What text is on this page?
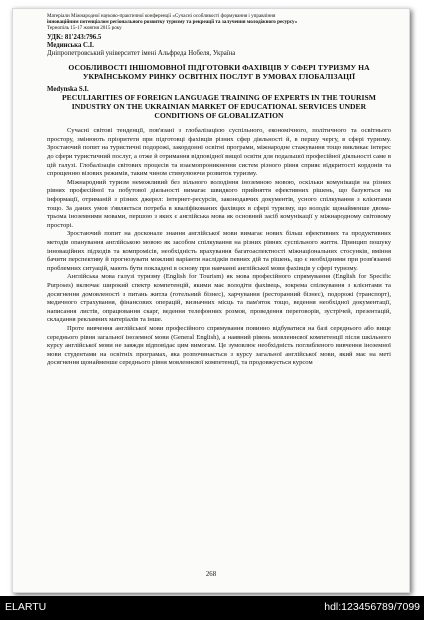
Матеріали Міжнародної науково-практичної конференції «Сучасні особливості формування і управління
інноваційним потенціалом регіонального розвитку туризму та рекреації та залучення молодіжного ресурсу»
Тернопіль 15-17 жовтня 2015 року
УДК: 81'243:796.5
Мединська С.І.
Дніпропетровський університет імені Альфреда Нобеля, Україна
ОСОБЛИВОСТІ ІНШОМОВНОЇ ПІДГОТОВКИ ФАХІВЦІВ У СФЕРІ ТУРИЗМУ НА УКРАЇНСЬКОМУ РИНКУ ОСВІТНІХ ПОСЛУГ В УМОВАХ ГЛОБАЛІЗАЦІЇ
Medynska S.I.
PECULIARITIES OF FOREIGN LANGUAGE TRAINING OF EXPERTS IN THE TOURISM INDUSTRY ON THE UKRAINIAN MARKET OF EDUCATIONAL SERVICES UNDER CONDITIONS OF GLOBALIZATION

Сучасні світові тенденції, пов'язані з глобалізацією суспільного, економічного, політичного та освітнього простору, змінюють пріоритети при підготовці фахівців різних сфер діяльності й, в першу чергу, в сфері туризму. Зростаючий попит на туристичні подорожі, закордонні освітні програми, міжнародне стажування тощо викликає інтерес до сфери туристичний послуг, а отже й отримання відповідної вищої освіти для подальшої професійної діяльності саме в цій галузі. Глобалізація світових процесів та взаємопроникнення систем різного рівня сприяє відкритості кордонів та спрощенню візових режимів, таким чином стимулюючи розвиток туризму.

Міжнародний туризм неможливий без вільного володіння іноземною мовою, оскільки комунікація на різних рівнях професійної та побутової діяльності вимагає швидкого прийняття ефективних рішень, що базуються на інформації, отриманій з різних джерел: інтернет-ресурсів, законодавчих документів, усного спілкування з клієнтами тощо. За даних умов з'являється потреба в кваліфікованих фахівцях в сфері туризму, що володіє щонайменше двома-трьома іноземними мовами, першою з яких є англійська мова як основний засіб комунікації у міжнародному світовому просторі.

Зростаючий попит на досконале знання англійської мови вимагає нових більш ефективних та продуктивних методів опанування англійською мовою як засобом спілкування на різних рівнях суспільного життя. Принцип пошуку інноваційних підходів та компромісів, необхідність врахування багатоаспектності міжнаціональних стосунків, вміння бачити перспективу й прогнозувати можливі варіанти наслідків певних дій та рішень, що є необхідними при розв'язанні проблемних ситуацій, мають бути покладені в основу при навчанні англійської мови фахівців у сфері туризму.

Англійська мова галузі туризму (English for Tourism) як мова професійного спрямування (English for Specific Purposes) включає широкий спектр компетенцій, якими має володіти фахівець, зокрема спілкування з клієнтами та досягнення домовленості з питань житла (готельний бізнес), харчування (ресторанний бізнес), подорожі (транспорт), медичного страхування, фінансових операцій, визначних місць та пам'яток тощо, ведення необхідної документації, написання листів, опрацювання скарг, ведення телефонних розмов, проведення переговорів, зустрічей, презентацій, складання рекламних матеріалів та інше.

Проте вивчення англійської мови професійного спрямування повинно відбуватися на базі середнього або вище середнього рівня загальної іноземної мови (General English), а наявний рівень мовленнєвої компетенції після шкільного курсу англійської мови не завжди відповідає цим вимогам. Це зумовлює необхідність поглибленого вивчення іноземної мови студентами на освітніх програмах, яка розпочинається з курсу загальної англійської мови, який має на меті досягнення щонайменше середнього рівня мовленнєвої компетенції, та продовжується курсом

268
ELARTU	hdl:123456789/7099
